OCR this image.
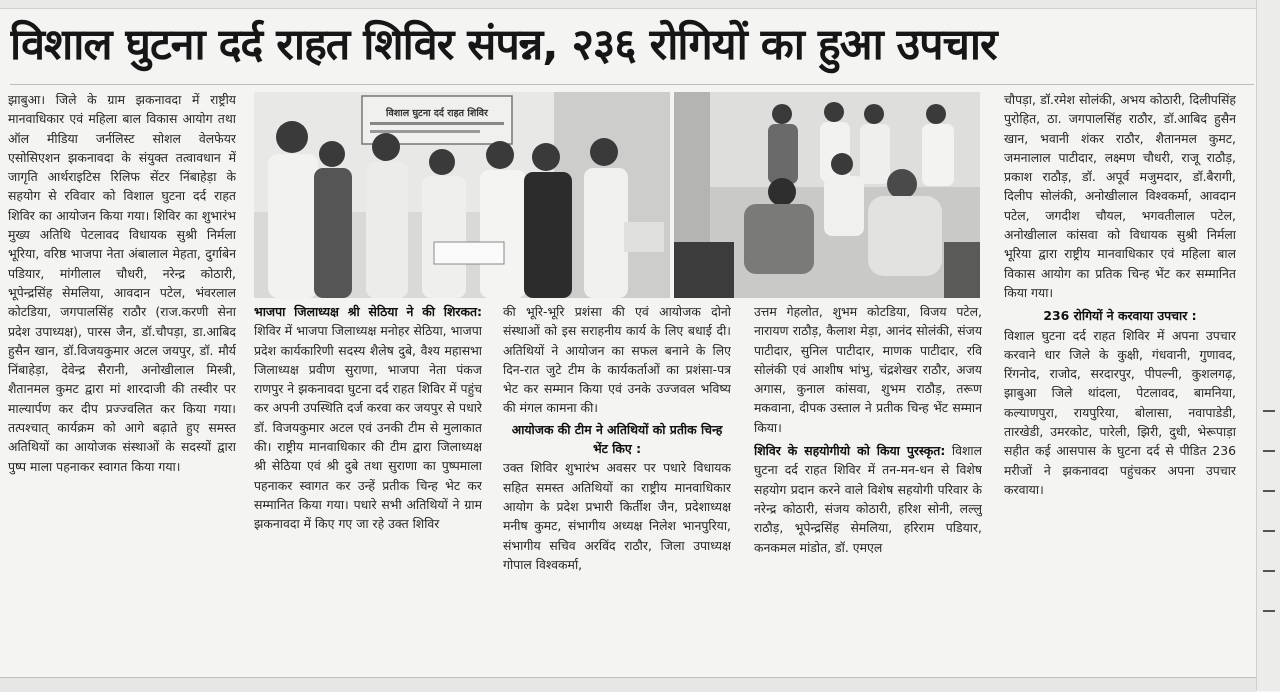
विशाल घुटना दर्द राहत शिविर संपन्न, २३६ रोगियों का हुआ उपचार

झाबुआ। जिले के ग्राम झकनावदा में राष्ट्रीय मानवाधिकार एवं महिला बाल विकास आयोग तथा ऑल मीडिया जर्नलिस्ट सोशल वेलफेयर एसोसिएशन झकनावदा के संयुक्त तत्वावधान में जागृति आर्थराइटिस रिलिफ सेंटर निंबाहेड़ा के सहयोग से रविवार को विशाल घुटना दर्द राहत शिविर का आयोजन किया गया। शिविर का शुभारंभ मुख्य अतिथि पेटलावद विधायक सुश्री निर्मला भूरिया, वरिष्ठ भाजपा नेता अंबालाल मेहता, दुर्गाबेन पडियार, मांगीलाल चौधरी, नरेन्द्र कोठारी, भूपेन्द्रसिंह सेमलिया, आवदान पटेल, भंवरलाल कोटडिया, जगपालसिंह राठौर (राज.करणी सेना प्रदेश उपाध्यक्ष), पारस जैन, डॉ.चौपड़ा, डा.आबिद हुसैन खान, डॉ.विजयकुमार अटल जयपुर, डॉ. मौर्य निंबाहेड़ा, देवेन्द्र सैरानी, अनोखीलाल मिस्त्री, शैतानमल कुमट द्वारा मां शारदाजी की तस्वीर पर माल्यार्पण कर दीप प्रज्ज्वलित कर किया गया। तत्पश्चात् कार्यक्रम को आगे बढ़ाते हुए समस्त अतिथियों का आयोजक संस्थाओं के सदस्यों द्वारा पुष्प माला पहनाकर स्वागत किया गया।

विशाल घुटना दर्द राहत शिविर

भाजपा जिलाध्यक्ष श्री सेठिया ने की शिरकत: शिविर में भाजपा जिलाध्यक्ष मनोहर सेठिया, भाजपा प्रदेश कार्यकारिणी सदस्य शैलेष दुबे, वैश्य महासभा जिलाध्यक्ष प्रवीण सुराणा, भाजपा नेता पंकज राणपुर ने झकनावदा घुटना दर्द राहत शिविर में पहुंच कर अपनी उपस्थिति दर्ज करवा कर जयपुर से पधारे डॉ. विजयकुमार अटल एवं उनकी टीम से मुलाकात की। राष्ट्रीय मानवाधिकार की टीम द्वारा जिलाध्यक्ष श्री सेठिया एवं श्री दुबे तथा सुराणा का पुष्पमाला पहनाकर स्वागत कर उन्हें प्रतीक चिन्ह भेट कर सम्मानित किया गया। पधारे सभी अतिथियों ने ग्राम झकनावदा में किए गए जा रहे उक्त शिविर

की भूरि-भूरि प्रशंसा की एवं आयोजक दोनो संस्थाओं को इस सराहनीय कार्य के लिए बधाई दी। अतिथियों ने आयोजन का सफल बनाने के लिए दिन-रात जुटे टीम के कार्यकर्ताओं का प्रशंसा-पत्र भेट कर सम्मान किया एवं उनके उज्जवल भविष्य की मंगल कामना की।

आयोजक की टीम ने अतिथियों को प्रतीक चिन्ह भेंट किए :

उक्त शिविर शुभारंभ अवसर पर पधारे विधायक सहित समस्त अतिथियों का राष्ट्रीय मानवाधिकार आयोग के प्रदेश प्रभारी किर्तीश जैन, प्रदेशाध्यक्ष मनीष कुमट, संभागीय अध्यक्ष निलेश भानपुरिया, संभागीय सचिव अरविंद राठौर, जिला उपाध्यक्ष गोपाल विश्वकर्मा,

उत्तम गेहलोत, शुभम कोटडिया, विजय पटेल, नारायण राठौड़, कैलाश मेड़ा, आनंद सोलंकी, संजय पाटीदार, सुनिल पाटीदार, माणक पाटीदार, रवि सोलंकी एवं आशीष भांभु, चंद्रशेखर राठौर, अजय अगास, कुनाल कांसवा, शुभम राठौड़, तरूण मकवाना, दीपक उस्ताल ने प्रतीक चिन्ह भेंट सम्मान किया।

शिविर के सहयोगीयो को किया पुरस्कृत: विशाल घुटना दर्द राहत शिविर में तन-मन-धन से विशेष सहयोग प्रदान करने वाले विशेष सहयोगी परिवार के नरेन्द्र कोठारी, संजय कोठारी, हरिश सोनी, लल्लु राठौड़, भूपेन्द्रसिंह सेमलिया, हरिराम पडियार, कनकमल मांडोत, डॉ. एमएल

चौपड़ा, डॉ.रमेश सोलंकी, अभय कोठारी, दिलीपसिंह पुरोहित, ठा. जगपालसिंह राठौर, डॉ.आबिद हुसैन खान, भवानी शंकर राठौर, शैतानमल कुमट, जमनालाल पाटीदार, लक्ष्मण चौधरी, राजू राठौड़, प्रकाश राठौड़, डॉ. अपूर्व मजुमदार, डॉ.बैरागी, दिलीप सोलंकी, अनोखीलाल विश्वकर्मा, आवदान पटेल, जगदीश चौयल, भगवतीलाल पटेल, अनोखीलाल कांसवा को विधायक सुश्री निर्मला भूरिया द्वारा राष्ट्रीय मानवाधिकार एवं महिला बाल विकास आयोग का प्रतिक चिन्ह भेंट कर सम्मानित किया गया।

236 रोगियों ने करवाया उपचार :

विशाल घुटना दर्द राहत शिविर में अपना उपचार करवाने धार जिले के कुक्षी, गंधवानी, गुणावद, रिंगनोद, राजोद, सरदारपुर, पीपल्नी, कुशलगढ़, झाबुआ जिले थांदला, पेटलावद, बामनिया, कल्याणपुरा, रायपुरिया, बोलासा, नवापाडेडी, तारखेडी, उमरकोट, पारेली, झिरी, दुधी, भेरूपाड़ा सहीत कई आसपास के घुटना दर्द से पीडित 236 मरीजों ने झकनावदा पहुंचकर अपना उपचार करवाया।
